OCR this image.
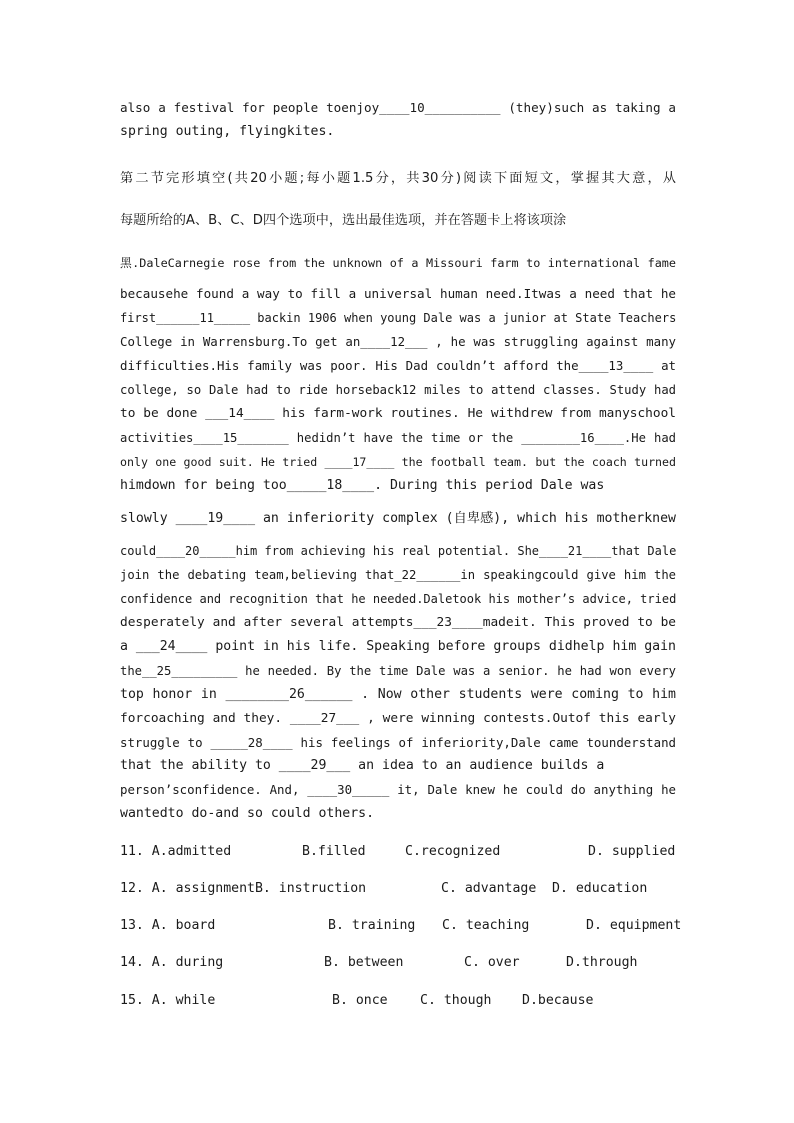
also a festival for people toenjoy____10__________ (they)such as taking a
spring outing, flyingkites.
第二节完形填空(共20小题;每小题1.5分，共30分)阅读下面短文，掌握其大意，从
每题所给的A、B、C、D四个选项中，选出最佳选项，并在答题卡上将该项涂
黑.DaleCarnegie rose from the unknown of a Missouri farm to international fame
becausehe found a way to fill a universal human need.Itwas a need that he
first______11_____ backin 1906 when young Dale was a junior at State Teachers
College in Warrensburg.To get an____12___ , he was struggling against many
difficulties.His family was poor. His Dad couldn’t afford the____13____ at
college, so Dale had to ride horseback12 miles to attend classes. Study had
to be done ___14____ his farm-work routines. He withdrew from manyschool
activities____15_______ hedidn’t have the time or the ________16____.He had
only one good suit. He tried ____17____ the football team. but the coach turned
himdown for being too_____18____. During this period Dale was
slowly ____19____ an inferiority complex (自卑感), which his motherknew
could____20_____him from achieving his real potential. She____21____that Dale
join the debating team,believing that_22______in speakingcould give him the
confidence and recognition that he needed.Daletook his mother’s advice, tried
desperately and after several attempts___23____madeit. This proved to be
a ___24____ point in his life. Speaking before groups didhelp him gain
the__25_________ he needed. By the time Dale was a senior. he had won every
top honor in ________26______ . Now other students were coming to him
forcoaching and they. ____27___ , were winning contests.Outof this early
struggle to _____28____ his feelings of inferiority,Dale came tounderstand
that the ability to ____29___ an idea to an audience builds a
person’sconfidence. And, ____30_____ it, Dale knew he could do anything he
wantedto do-and so could others.
11. A.admitted	B.filled	C.recognized	D. supplied
12. A. assignmentB. instruction	C. advantage D. education
13. A. board	B. training C. teaching	D. equipment
14. A. during	B. between	C. over	D.through
15. A. while	B. once C. though D.because
